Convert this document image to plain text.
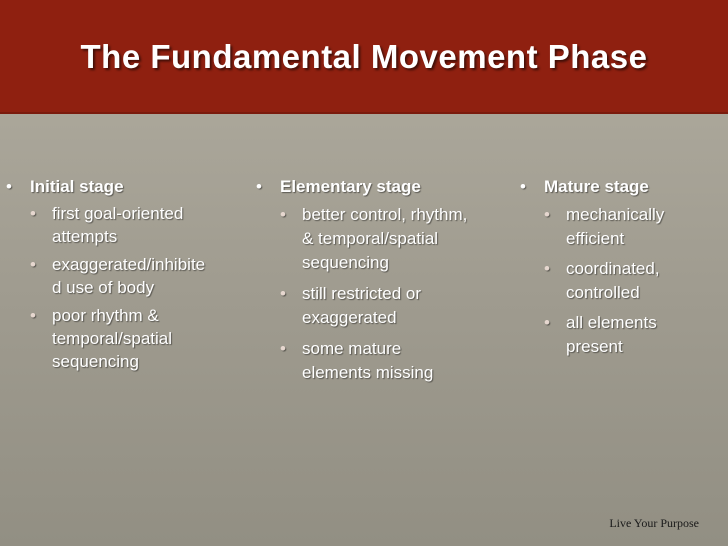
The Fundamental Movement Phase
• Initial stage
• first goal-oriented
attempts
• exaggerated/inhibite
d use of body
• poor rhythm &
temporal/spatial
sequencing
• Elementary stage
• better control, rhythm,
& temporal/spatial
sequencing
• still restricted or
exaggerated
• some mature
elements missing
• Mature stage
• mechanically
efficient
• coordinated,
controlled
• all elements
present
Live Your Purpose
